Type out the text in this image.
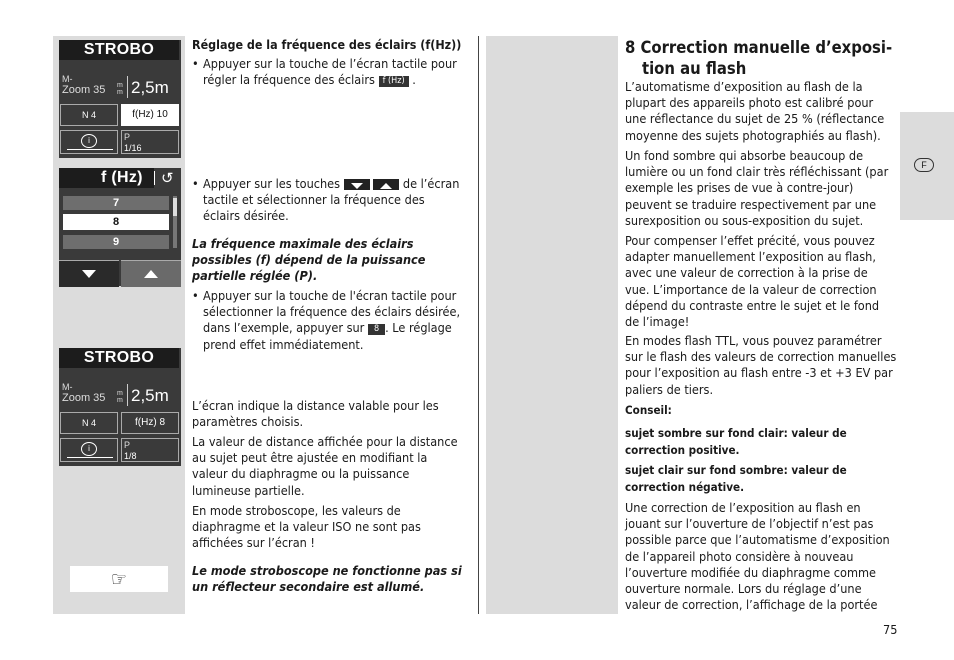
F
STROBO
M-
Zoom 35 m
m 2,5m
N 4	f(Hz) 10
i	P
1/16
f (Hz)	↺
7
8
9
STROBO
M-
Zoom 35 m
m 2,5m
N 4	f(Hz) 8
i	P
1/8
☞
Réglage de la fréquence des éclairs (f(Hz))
• Appuyer sur la touche de l’écran tactile pour régler la fréquence des éclairs f (Hz) .
• Appuyer sur les touches	de l’écran tactile et sélectionner la fréquence des éclairs désirée.
La fréquence maximale des éclairs possibles (f) dépend de la puissance partielle réglée (P).
• Appuyer sur la touche de l'écran tactile pour sélectionner la fréquence des éclairs désirée, dans l’exemple, appuyer sur 8 . Le réglage prend effet immédiatement.
L’écran indique la distance valable pour les paramètres choisis.
La valeur de distance affichée pour la distance au sujet peut être ajustée en modifiant la valeur du diaphragme ou la puissance lumineuse partielle.
En mode stroboscope, les valeurs de diaphragme et la valeur ISO ne sont pas affichées sur l’écran !
Le mode stroboscope ne fonctionne pas si un réflecteur secondaire est allumé.
8 Correction manuelle d’exposi-
tion au flash
L’automatisme d’exposition au flash de la plupart des appareils photo est calibré pour une réflectance du sujet de 25 % (réflectance moyenne des sujets photographiés au flash).
Un fond sombre qui absorbe beaucoup de lumière ou un fond clair très réfléchissant (par exemple les prises de vue à contre-jour) peuvent se traduire respectivement par une surexposition ou sous-exposition du sujet.
Pour compenser l’effet précité, vous pouvez adapter manuellement l’exposition au flash, avec une valeur de correction à la prise de vue. L’importance de la valeur de correction dépend du contraste entre le sujet et le fond de l’image!
En modes flash TTL, vous pouvez paramétrer sur le flash des valeurs de correction manuelles pour l’exposition au flash entre -3 et +3 EV par paliers de tiers.
Conseil:
sujet sombre sur fond clair: valeur de correction positive.
sujet clair sur fond sombre: valeur de correction négative.
Une correction de l’exposition au flash en jouant sur l’ouverture de l’objectif n’est pas possible parce que l’automatisme d’exposition de l’appareil photo considère à nouveau l’ouverture modifiée du diaphragme comme ouverture normale. Lors du réglage d’une valeur de correction, l’affichage de la portée
75
